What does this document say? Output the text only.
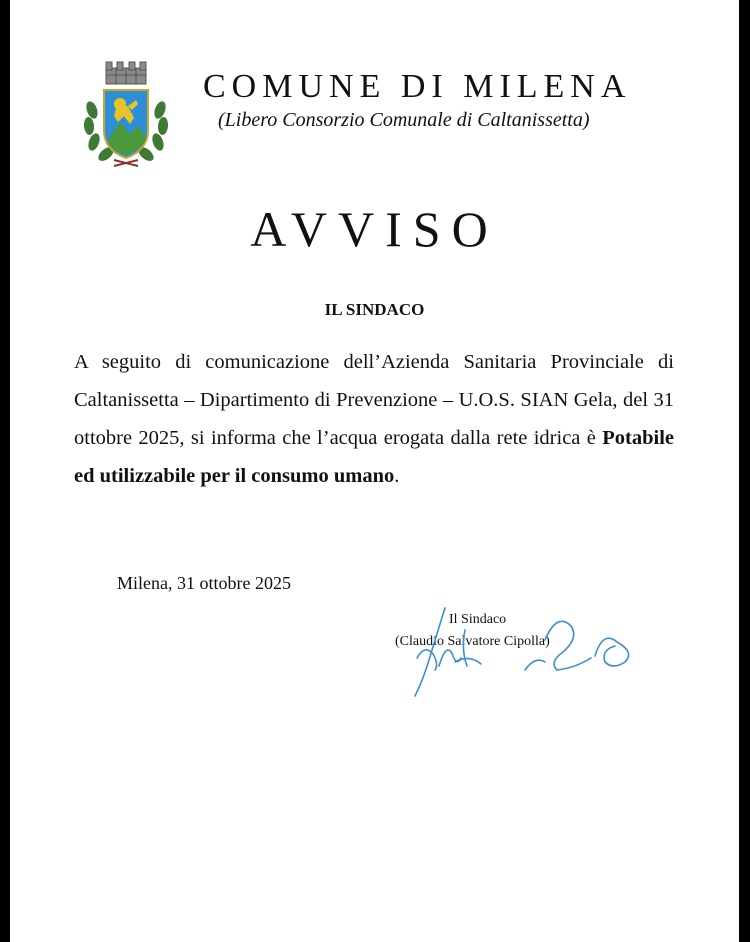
COMUNE DI MILENA
(Libero Consorzio Comunale di Caltanissetta)
AVVISO
IL SINDACO

A seguito di comunicazione dell’Azienda Sanitaria Provinciale di Caltanissetta – Dipartimento di Prevenzione – U.O.S. SIAN Gela, del 31 ottobre 2025, si informa che l’acqua erogata dalla rete idrica è Potabile ed utilizzabile per il consumo umano.

Milena, 31 ottobre 2025
Il Sindaco
(Claudio Salvatore Cipolla)
